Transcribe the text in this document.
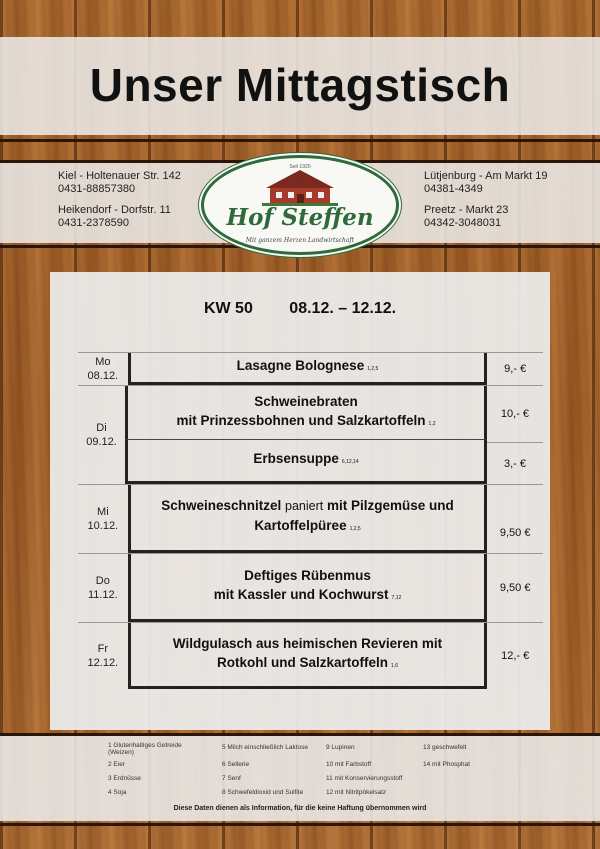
Unser Mittagstisch
Kiel - Holtenauer Str. 142
0431-88857380
Heikendorf - Dorfstr. 11
0431-2378590
Lütjenburg - Am Markt 19
04381-4349
Preetz - Markt 23
04342-3048031
Seit 1920
Hof Steffen
Mit ganzem Herzen Landwirtschaft
KW 50 08.12. – 12.12.
Mo
08.12.
Lasagne Bolognese 1,2,5	9,- €
Di
09.12.
Schweinebraten
mit Prinzessbohnen und Salzkartoffeln 1,2
Erbsensuppe 6,12,14
10,- €
3,- €
Mi
10.12.
Schweineschnitzel paniert mit Pilzgemüse und
Kartoffelpüree 1,2,5	9,50 €
Do
11.12.
Deftiges Rübenmus
mit Kassler und Kochwurst 7,12
9,50 €
Fr
12.12.
Wildgulasch aus heimischen Revieren mit
Rotkohl und Salzkartoffeln 1,6
12,- €
1 Glutenhaltiges Getreide
(Weizen)
2 Eier
3 Erdnüsse
4 Soja
5 Milch einschließlich Laktose
6 Sellerie
7 Senf
8 Schwefeldioxid und Sulfite
9 Lupinen
10 mit Farbstoff
11 mit Konservierungsstoff
12 mit Nitritpökelsalz
13 geschwefelt
14 mit Phosphat
Diese Daten dienen als Information, für die keine Haftung übernommen wird
